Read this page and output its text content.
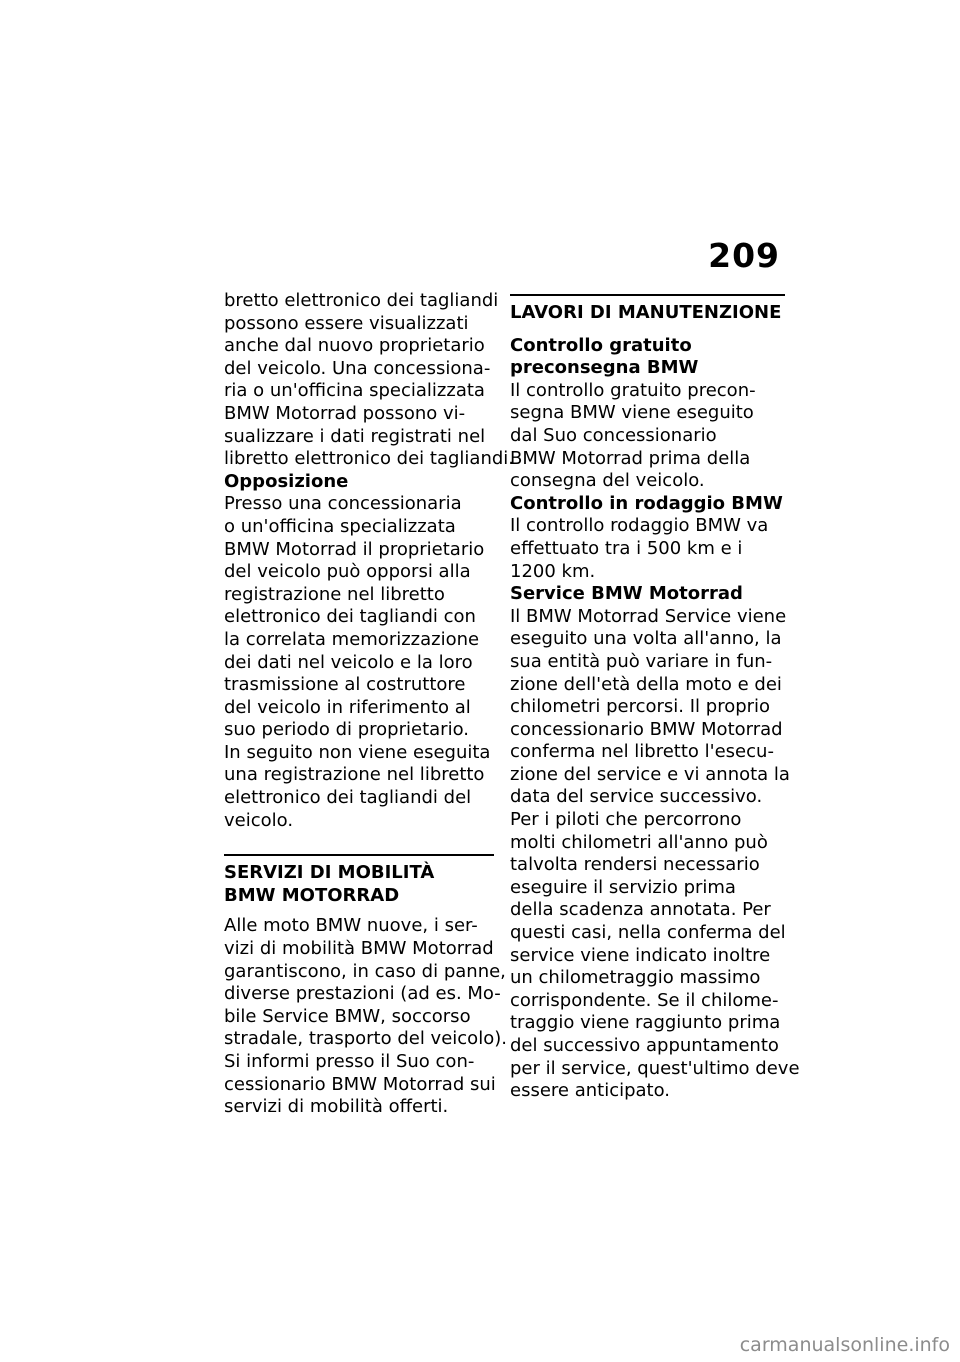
209

bretto elettronico dei tagliandi
possono essere visualizzati
anche dal nuovo proprietario
del veicolo. Una concessiona-
ria o un'officina specializzata
BMW Motorrad possono vi-
sualizzare i dati registrati nel
libretto elettronico dei tagliandi.

Opposizione

Presso una concessionaria
o un'officina specializzata
BMW Motorrad il proprietario
del veicolo può opporsi alla
registrazione nel libretto
elettronico dei tagliandi con
la correlata memorizzazione
dei dati nel veicolo e la loro
trasmissione al costruttore
del veicolo in riferimento al
suo periodo di proprietario.
In seguito non viene eseguita
una registrazione nel libretto
elettronico dei tagliandi del
veicolo.

SERVIZI DI MOBILITÀ
BMW MOTORRAD

Alle moto BMW nuove, i ser-
vizi di mobilità BMW Motorrad
garantiscono, in caso di panne,
diverse prestazioni (ad es. Mo-
bile Service BMW, soccorso
stradale, trasporto del veicolo).
Si informi presso il Suo con-
cessionario BMW Motorrad sui
servizi di mobilità offerti.

LAVORI DI MANUTENZIONE

Controllo gratuito
preconsegna BMW

Il controllo gratuito precon-
segna BMW viene eseguito
dal Suo concessionario
BMW Motorrad prima della
consegna del veicolo.

Controllo in rodaggio BMW

Il controllo rodaggio BMW va
effettuato tra i 500 km e i
1200 km.

Service BMW Motorrad

Il BMW Motorrad Service viene
eseguito una volta all'anno, la
sua entità può variare in fun-
zione dell'età della moto e dei
chilometri percorsi. Il proprio
concessionario BMW Motorrad
conferma nel libretto l'esecu-
zione del service e vi annota la
data del service successivo.
Per i piloti che percorrono
molti chilometri all'anno può
talvolta rendersi necessario
eseguire il servizio prima
della scadenza annotata. Per
questi casi, nella conferma del
service viene indicato inoltre
un chilometraggio massimo
corrispondente. Se il chilome-
traggio viene raggiunto prima
del successivo appuntamento
per il service, quest'ultimo deve
essere anticipato.

carmanualsonline.info
